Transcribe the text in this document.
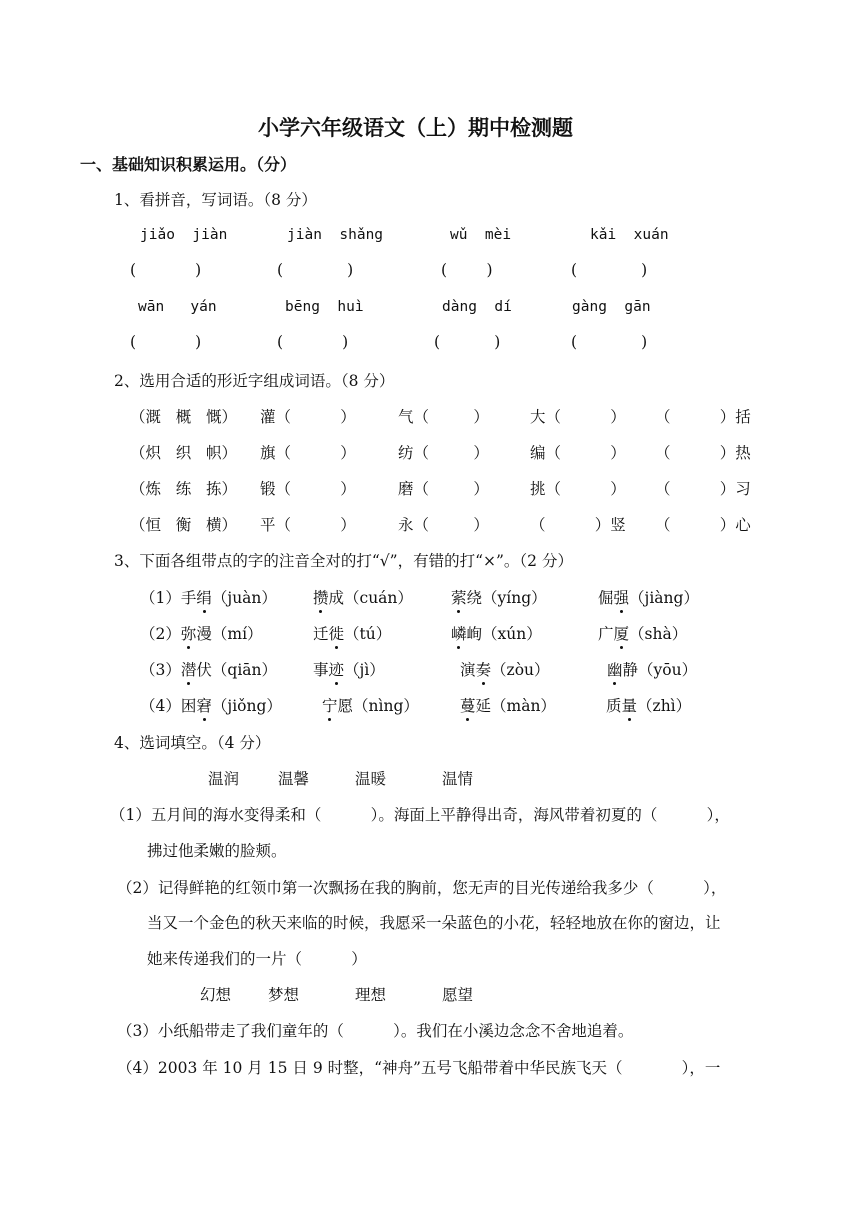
小学六年级语文（上）期中检测题
一、基础知识积累运用。（分）
1、看拼音，写词语。（8 分）
jiǎo  jiàn	jiàn  shǎng	wǔ  mèi	kǎi  xuán
(            )	(             )	(        )	(             )
wān   yán	bēng  huì	dàng  dí	gàng  gān
(            )	(            )	(           )	(             )
2、选用合适的形近字组成词语。（8 分）
（溉   概   慨） 灌（          ）	气（         ）	大（          ） （          ）括
（炽   织   帜） 旗（          ）	纺（         ）	编（          ） （          ）热
（炼   练   拣） 锻（          ）	磨（         ）	挑（          ） （          ）习
（恒   衡   横） 平（          ）	永（         ）	（          ）竖 （          ）心
3、下面各组带点的字的注音全对的打“√”，有错的打“×”。（2 分）
（1）手绢（juàn） 攒成（cuán） 萦绕（yíng）	倔强（jiàng）
（2）弥漫（mí）	迁徙（tú）	嶙峋（xún）	广厦（shà）
（3）潜伏（qiān） 事迹（jì）	演奏（zòu）	幽静（yōu）
（4）困窘（jiǒng）	宁愿（nìng）	蔓延（màn）	质量（zhì）
4、选词填空。（4 分）
温润	温馨	温暖	温情
（1）五月间的海水变得柔和（          ）。海面上平静得出奇，海风带着初夏的（          ），
拂过他柔嫩的脸颊。
（2）记得鲜艳的红领巾第一次飘扬在我的胸前，您无声的目光传递给我多少（          ），
当又一个金色的秋天来临的时候，我愿采一朵蓝色的小花，轻轻地放在你的窗边，让
她来传递我们的一片（          ）
幻想 梦想	理想	愿望
（3）小纸船带走了我们童年的（          ）。我们在小溪边念念不舍地追着。
（4）2003 年 10 月 15 日 9 时整，“神舟”五号飞船带着中华民族飞天（            ），一
